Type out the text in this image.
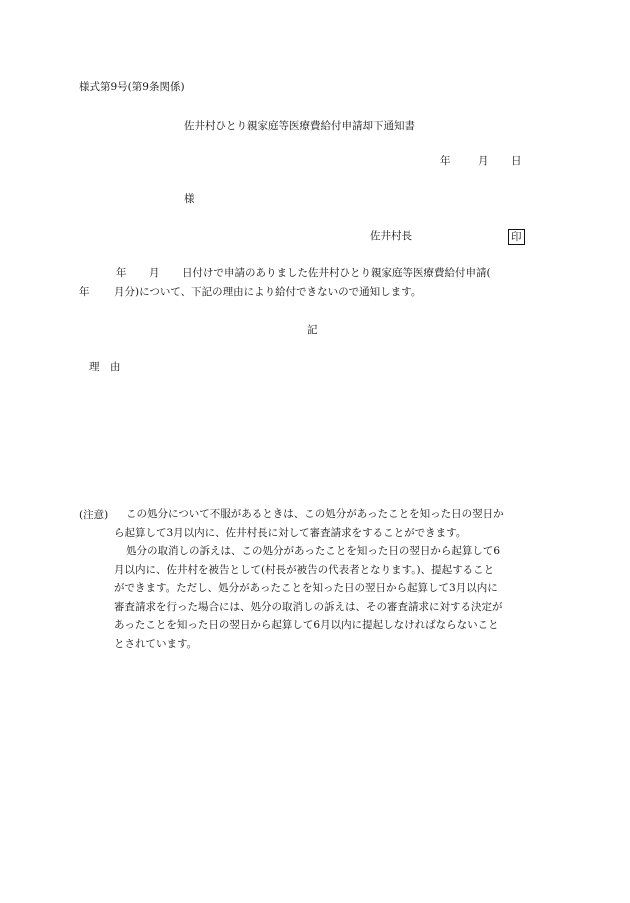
様式第9号(第9条関係)
佐井村ひとり親家庭等医療費給付申請却下通知書
年	月 日
様
佐井村長	印
年 月 日付けで申請のありました佐井村ひとり親家庭等医療費給付申請(
年 月分)について、下記の理由により給付できないので通知します。
記
理　由
(注意)	この処分について不服があるときは、この処分があったことを知った日の翌日か
ら起算して3月以内に、佐井村長に対して審査請求をすることができます。
処分の取消しの訴えは、この処分があったことを知った日の翌日から起算して6
月以内に、佐井村を被告として(村長が被告の代表者となります。)、提起すること
ができます。ただし、処分があったことを知った日の翌日から起算して3月以内に
審査請求を行った場合には、処分の取消しの訴えは、その審査請求に対する決定が
あったことを知った日の翌日から起算して6月以内に提起しなければならないこと
とされています。
